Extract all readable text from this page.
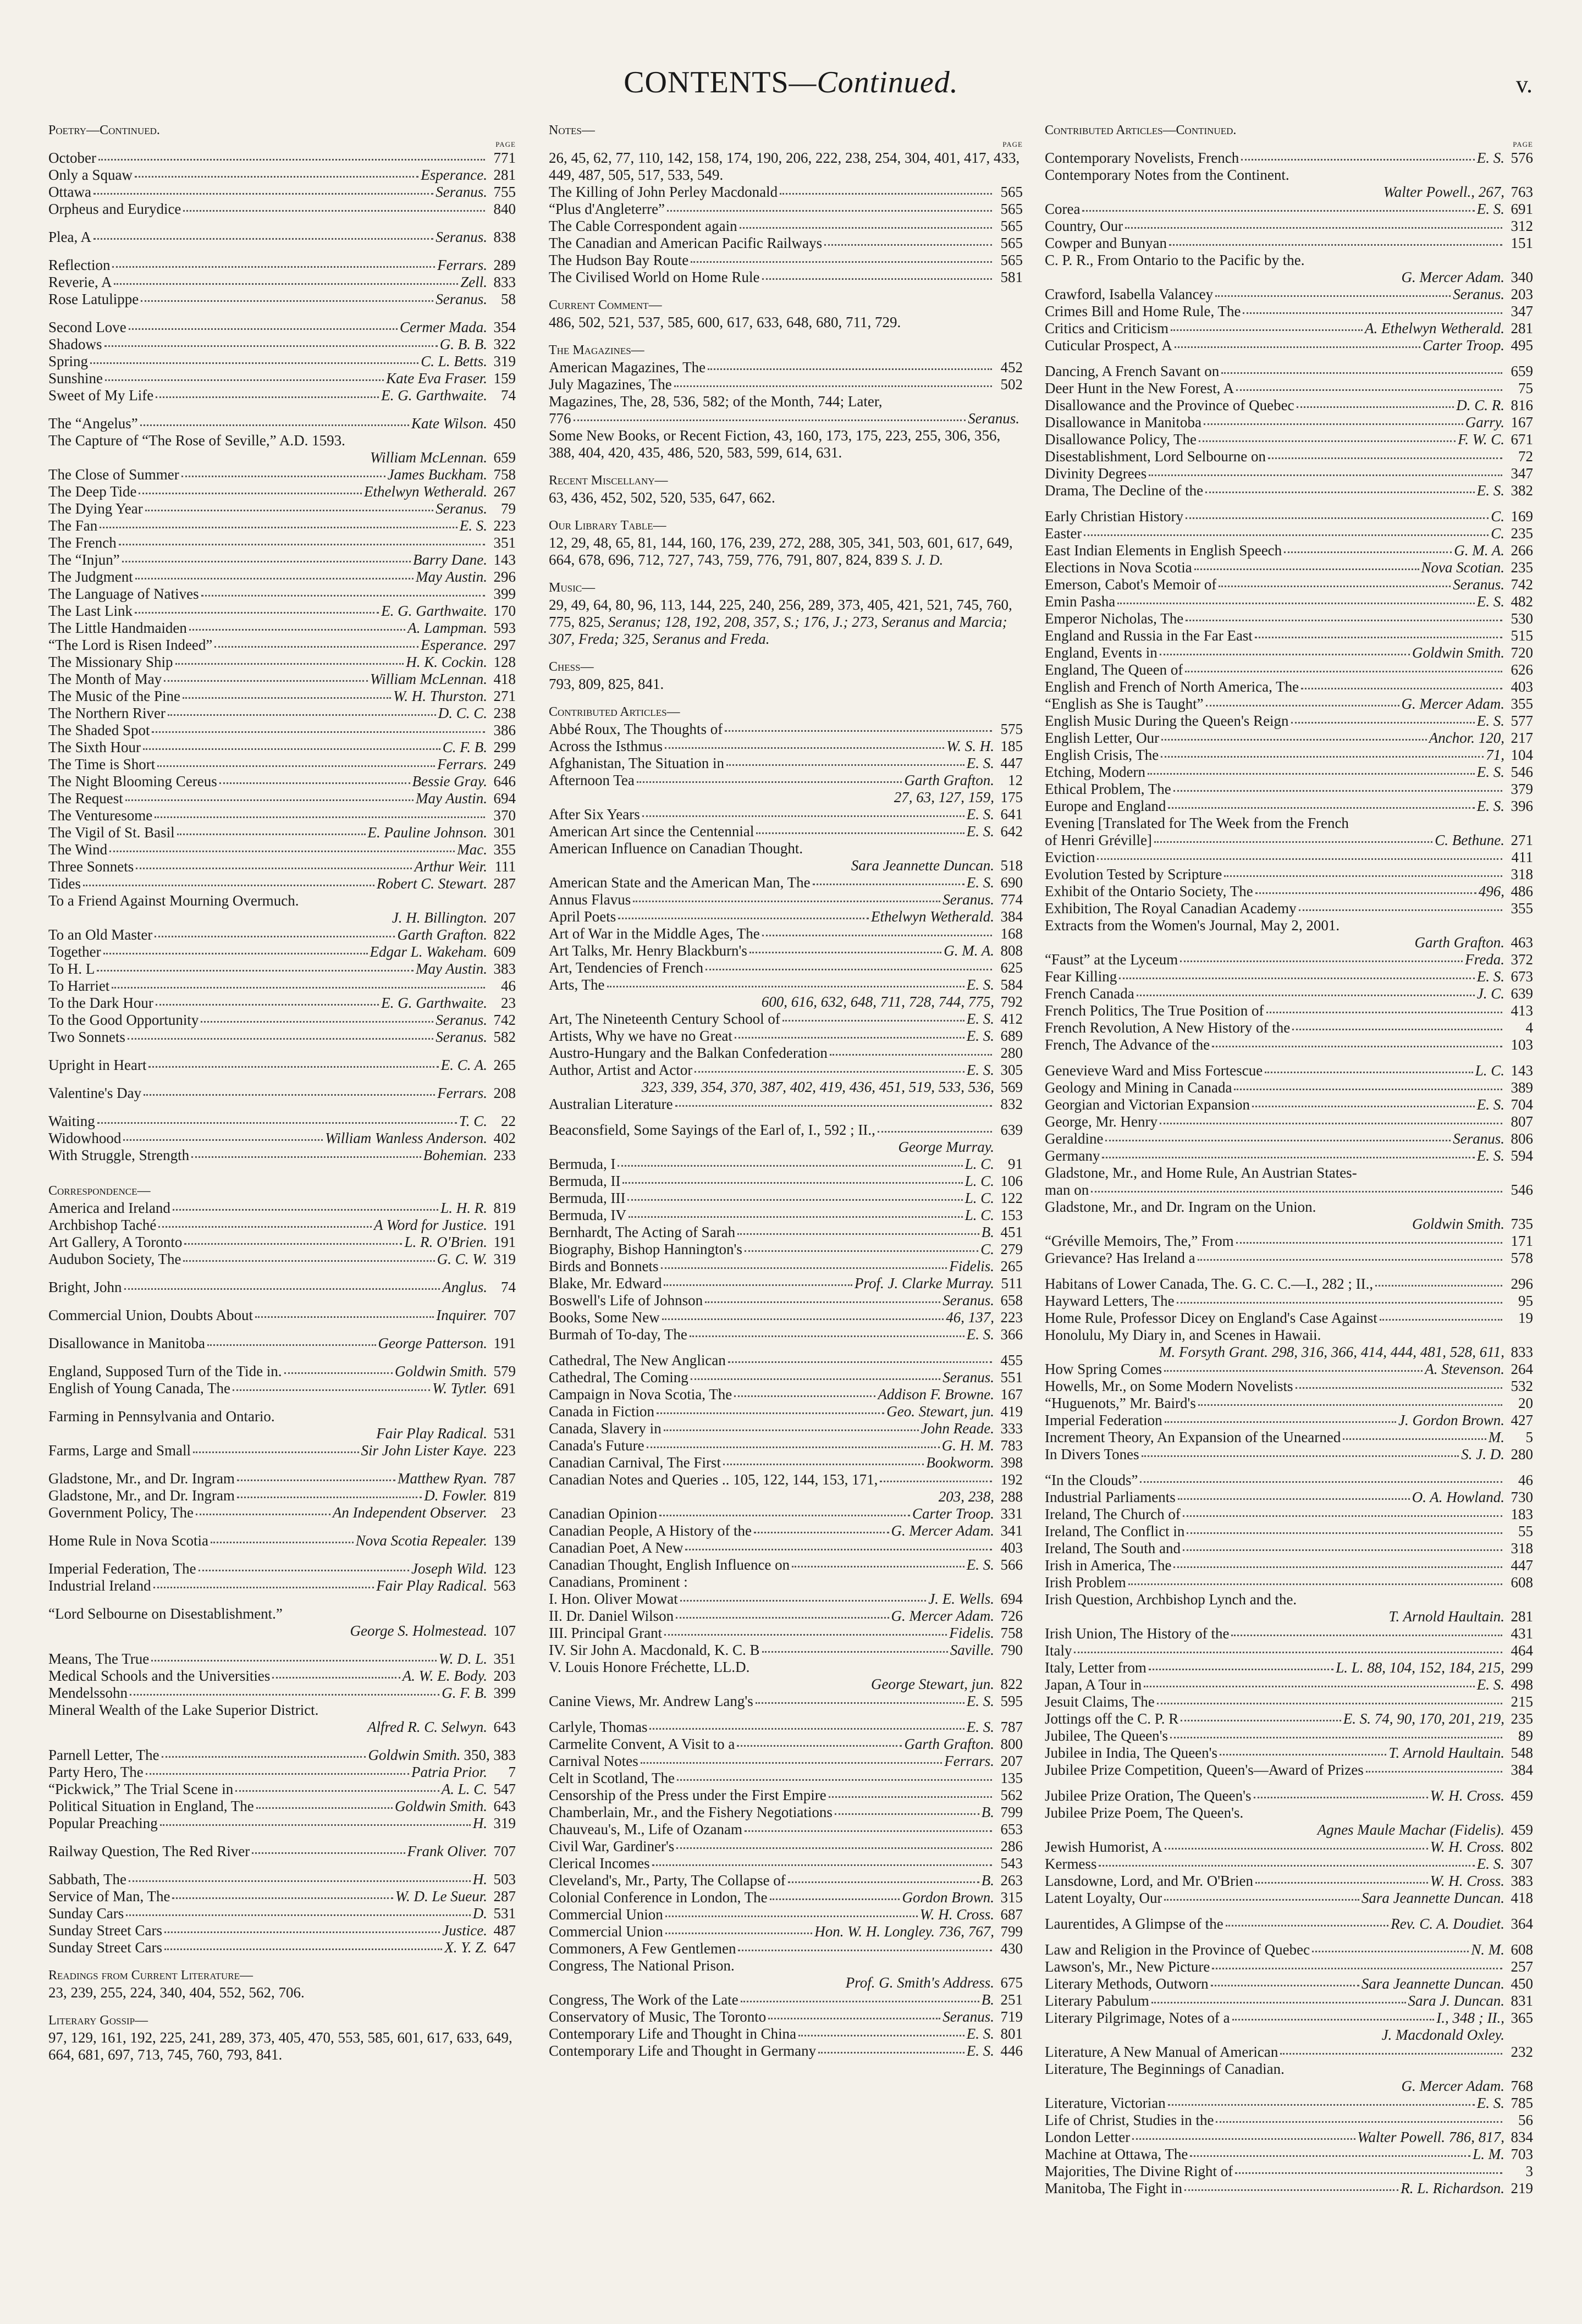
CONTENTS—Continued.	v.
Poetry—Continued.
page
October	771
Only a Squaw	Esperance. 281
Ottawa	Seranus. 755
Orpheus and Eurydice	840
Plea, A	Seranus. 838
Reflection	Ferrars. 289
Reverie, A	Zell. 833
Rose Latulippe	Seranus. 58
Second Love	Cermer Mada. 354
Shadows	G. B. B. 322
Spring	C. L. Betts. 319
Sunshine	Kate Eva Fraser. 159
Sweet of My Life	E. G. Garthwaite. 74
The “Angelus”	Kate Wilson. 450
The Capture of “The Rose of Seville,” A.D. 1593.
William McLennan. 659
The Close of Summer	James Buckham. 758
The Deep Tide	Ethelwyn Wetherald. 267
The Dying Year	Seranus. 79
The Fan	E. S. 223
The French	351
The “Injun”	Barry Dane. 143
The Judgment	May Austin. 296
The Language of Natives	399
The Last Link	E. G. Garthwaite. 170
The Little Handmaiden	A. Lampman. 593
“The Lord is Risen Indeed”	Esperance. 297
The Missionary Ship	H. K. Cockin. 128
The Month of May	William McLennan. 418
The Music of the Pine	W. H. Thurston. 271
The Northern River	D. C. C. 238
The Shaded Spot	386
The Sixth Hour	C. F. B. 299
The Time is Short	Ferrars. 249
The Night Blooming Cereus	Bessie Gray. 646
The Request	May Austin. 694
The Venturesome	370
The Vigil of St. Basil	E. Pauline Johnson. 301
The Wind	Mac. 355
Three Sonnets	Arthur Weir. 111
Tides	Robert C. Stewart. 287
To a Friend Against Mourning Overmuch.
J. H. Billington. 207
To an Old Master	Garth Grafton. 822
Together	Edgar L. Wakeham. 609
To H. L	May Austin. 383
To Harriet	46
To the Dark Hour	E. G. Garthwaite. 23
To the Good Opportunity	Seranus. 742
Two Sonnets	Seranus. 582
Upright in Heart	E. C. A. 265
Valentine's Day	Ferrars. 208
Waiting	T. C. 22
Widowhood	William Wanless Anderson. 402
With Struggle, Strength	Bohemian. 233
Correspondence—
America and Ireland	L. H. R. 819
Archbishop Taché	A Word for Justice. 191
Art Gallery, A Toronto	L. R. O'Brien. 191
Audubon Society, The	G. C. W. 319
Bright, John	Anglus. 74
Commercial Union, Doubts About	Inquirer. 707
Disallowance in Manitoba	George Patterson. 191
England, Supposed Turn of the Tide in.	Goldwin Smith. 579
English of Young Canada, The	W. Tytler. 691
Farming in Pennsylvania and Ontario.
Fair Play Radical. 531
Farms, Large and Small	Sir John Lister Kaye. 223
Gladstone, Mr., and Dr. Ingram	Matthew Ryan. 787
Gladstone, Mr., and Dr. Ingram	D. Fowler. 819
Government Policy, The	An Independent Observer. 23
Home Rule in Nova Scotia	Nova Scotia Repealer. 139
Imperial Federation, The	Joseph Wild. 123
Industrial Ireland	Fair Play Radical. 563
“Lord Selbourne on Disestablishment.”
George S. Holmestead. 107
Means, The True	W. D. L. 351
Medical Schools and the Universities	A. W. E. Body. 203
Mendelssohn	G. F. B. 399
Mineral Wealth of the Lake Superior District.
Alfred R. C. Selwyn. 643
Parnell Letter, The	Goldwin Smith. 350, 383
Party Hero, The	Patria Prior.	7
“Pickwick,” The Trial Scene in	A. L. C. 547
Political Situation in England, The	Goldwin Smith. 643
Popular Preaching	H. 319
Railway Question, The Red River	Frank Oliver. 707
Sabbath, The	H. 503
Service of Man, The	W. D. Le Sueur. 287
Sunday Cars	D. 531
Sunday Street Cars	Justice. 487
Sunday Street Cars	X. Y. Z. 647
Readings from Current Literature—
23, 239, 255, 224, 340, 404, 552, 562, 706.
Literary Gossip—
97, 129, 161, 192, 225, 241, 289, 373, 405, 470, 553, 585, 601, 617, 633, 649, 664, 681, 697, 713, 745, 760, 793, 841.
Notes—
page
26, 45, 62, 77, 110, 142, 158, 174, 190, 206, 222, 238, 254, 304, 401, 417, 433, 449, 487, 505, 517, 533, 549.
The Killing of John Perley Macdonald	565
“Plus d'Angleterre”	565
The Cable Correspondent again	565
The Canadian and American Pacific Railways	565
The Hudson Bay Route	565
The Civilised World on Home Rule	581
Current Comment—
486, 502, 521, 537, 585, 600, 617, 633, 648, 680, 711, 729.
The Magazines—
American Magazines, The	452
July Magazines, The	502
Magazines, The, 28, 536, 582; of the Month, 744; Later,
776	Seranus.
Some New Books, or Recent Fiction, 43, 160, 173, 175, 223, 255, 306, 356, 388, 404, 420, 435, 486, 520, 583, 599, 614, 631.
Recent Miscellany—
63, 436, 452, 502, 520, 535, 647, 662.
Our Library Table—
12, 29, 48, 65, 81, 144, 160, 176, 239, 272, 288, 305, 341, 503, 601, 617, 649, 664, 678, 696, 712, 727, 743, 759, 776, 791, 807, 824, 839 S. J. D.
Music—
29, 49, 64, 80, 96, 113, 144, 225, 240, 256, 289, 373, 405, 421, 521, 745, 760, 775, 825, Seranus; 128, 192, 208, 357, S.; 176, J.; 273, Seranus and Marcia; 307, Freda; 325, Seranus and Freda.
Chess—
793, 809, 825, 841.
Contributed Articles—
Abbé Roux, The Thoughts of	575
Across the Isthmus	W. S. H. 185
Afghanistan, The Situation in	E. S. 447
Afternoon Tea	Garth Grafton. 12
27, 63, 127, 159, 175
After Six Years	E. S. 641
American Art since the Centennial	E. S. 642
American Influence on Canadian Thought.
Sara Jeannette Duncan. 518
American State and the American Man, The	E. S. 690
Annus Flavus	Seranus. 774
April Poets	Ethelwyn Wetherald. 384
Art of War in the Middle Ages, The	168
Art Talks, Mr. Henry Blackburn's	G. M. A. 808
Art, Tendencies of French	625
Arts, The	E. S. 584
600, 616, 632, 648, 711, 728, 744, 775, 792
Art, The Nineteenth Century School of	E. S. 412
Artists, Why we have no Great	E. S. 689
Austro-Hungary and the Balkan Confederation	280
Author, Artist and Actor	E. S. 305
323, 339, 354, 370, 387, 402, 419, 436, 451, 519, 533, 536, 569
Australian Literature	832
Beaconsfield, Some Sayings of the Earl of, I., 592 ; II.,	639
George Murray.
Bermuda, I	L. C. 91
Bermuda, II	L. C. 106
Bermuda, III	L. C. 122
Bermuda, IV	L. C. 153
Bernhardt, The Acting of Sarah	B. 451
Biography, Bishop Hannington's	C. 279
Birds and Bonnets	Fidelis. 265
Blake, Mr. Edward	Prof. J. Clarke Murray. 511
Boswell's Life of Johnson	Seranus. 658
Books, Some New	46, 137, 223
Burmah of To-day, The	E. S. 366
Cathedral, The New Anglican	455
Cathedral, The Coming	Seranus. 551
Campaign in Nova Scotia, The	Addison F. Browne. 167
Canada in Fiction	Geo. Stewart, jun. 419
Canada, Slavery in	John Reade. 333
Canada's Future	G. H. M. 783
Canadian Carnival, The First	Bookworm. 398
Canadian Notes and Queries .. 105, 122, 144, 153, 171,	192
203, 238, 288
Canadian Opinion	Carter Troop. 331
Canadian People, A History of the	G. Mercer Adam. 341
Canadian Poet, A New	403
Canadian Thought, English Influence on	E. S. 566
Canadians, Prominent :
I. Hon. Oliver Mowat	J. E. Wells. 694
II. Dr. Daniel Wilson	G. Mercer Adam. 726
III. Principal Grant	Fidelis. 758
IV. Sir John A. Macdonald, K. C. B	Saville. 790
V. Louis Honore Fréchette, LL.D.
George Stewart, jun. 822
Canine Views, Mr. Andrew Lang's	E. S. 595
Carlyle, Thomas	E. S. 787
Carmelite Convent, A Visit to a	Garth Grafton. 800
Carnival Notes	Ferrars. 207
Celt in Scotland, The	135
Censorship of the Press under the First Empire	562
Chamberlain, Mr., and the Fishery Negotiations	B. 799
Chauveau's, M., Life of Ozanam	653
Civil War, Gardiner's	286
Clerical Incomes	543
Cleveland's, Mr., Party, The Collapse of	B. 263
Colonial Conference in London, The	Gordon Brown. 315
Commercial Union	W. H. Cross. 687
Commercial Union	Hon. W. H. Longley. 736, 767, 799
Commoners, A Few Gentlemen	430
Congress, The National Prison.
Prof. G. Smith's Address. 675
Congress, The Work of the Late	B. 251
Conservatory of Music, The Toronto	Seranus. 719
Contemporary Life and Thought in China	E. S. 801
Contemporary Life and Thought in Germany	E. S. 446
Contributed Articles—Continued.
page
Contemporary Novelists, French	E. S. 576
Contemporary Notes from the Continent.
Walter Powell., 267, 763
Corea	E. S. 691
Country, Our	312
Cowper and Bunyan	151
C. P. R., From Ontario to the Pacific by the.
G. Mercer Adam. 340
Crawford, Isabella Valancey	Seranus. 203
Crimes Bill and Home Rule, The	347
Critics and Criticism	A. Ethelwyn Wetherald. 281
Cuticular Prospect, A	Carter Troop. 495
Dancing, A French Savant on	659
Deer Hunt in the New Forest, A	75
Disallowance and the Province of Quebec	D. C. R. 816
Disallowance in Manitoba	Garry. 167
Disallowance Policy, The	F. W. C. 671
Disestablishment, Lord Selbourne on	72
Divinity Degrees	347
Drama, The Decline of the	E. S. 382
Early Christian History	C. 169
Easter	C. 235
East Indian Elements in English Speech	G. M. A. 266
Elections in Nova Scotia	Nova Scotian. 235
Emerson, Cabot's Memoir of	Seranus. 742
Emin Pasha	E. S. 482
Emperor Nicholas, The	530
England and Russia in the Far East	515
England, Events in	Goldwin Smith. 720
England, The Queen of	626
English and French of North America, The	403
“English as She is Taught”	G. Mercer Adam. 355
English Music During the Queen's Reign	E. S. 577
English Letter, Our	Anchor. 120, 217
English Crisis, The	71, 104
Etching, Modern	E. S. 546
Ethical Problem, The	379
Europe and England	E. S. 396
Evening [Translated for The Week from the French
of Henri Gréville]	C. Bethune. 271
Eviction	411
Evolution Tested by Scripture	318
Exhibit of the Ontario Society, The	496, 486
Exhibition, The Royal Canadian Academy	355
Extracts from the Women's Journal, May 2, 2001.
Garth Grafton. 463
“Faust” at the Lyceum	Freda. 372
Fear Killing	E. S. 673
French Canada	J. C. 639
French Politics, The True Position of	413
French Revolution, A New History of the	4
French, The Advance of the	103
Genevieve Ward and Miss Fortescue	L. C. 143
Geology and Mining in Canada	389
Georgian and Victorian Expansion	E. S. 704
George, Mr. Henry	807
Geraldine	Seranus. 806
Germany	E. S. 594
Gladstone, Mr., and Home Rule, An Austrian States-
man on	546
Gladstone, Mr., and Dr. Ingram on the Union.
Goldwin Smith. 735
“Gréville Memoirs, The,” From	171
Grievance? Has Ireland a	578
Habitans of Lower Canada, The. G. C. C.—I., 282 ; II.,	296
Hayward Letters, The	95
Home Rule, Professor Dicey on England's Case Against	19
Honolulu, My Diary in, and Scenes in Hawaii.
M. Forsyth Grant. 298, 316, 366, 414, 444, 481, 528, 611, 833
How Spring Comes	A. Stevenson. 264
Howells, Mr., on Some Modern Novelists	532
“Huguenots,” Mr. Baird's	20
Imperial Federation	J. Gordon Brown. 427
Increment Theory, An Expansion of the Unearned	M.	5
In Divers Tones	S. J. D. 280
“In the Clouds”	46
Industrial Parliaments	O. A. Howland. 730
Ireland, The Church of	183
Ireland, The Conflict in	55
Ireland, The South and	318
Irish in America, The	447
Irish Problem	608
Irish Question, Archbishop Lynch and the.
T. Arnold Haultain. 281
Irish Union, The History of the	431
Italy	464
Italy, Letter from	L. L. 88, 104, 152, 184, 215, 299
Japan, A Tour in	E. S. 498
Jesuit Claims, The	215
Jottings off the C. P. R	E. S. 74, 90, 170, 201, 219, 235
Jubilee, The Queen's	89
Jubilee in India, The Queen's	T. Arnold Haultain. 548
Jubilee Prize Competition, Queen's—Award of Prizes	384
Jubilee Prize Oration, The Queen's	W. H. Cross. 459
Jubilee Prize Poem, The Queen's.
Agnes Maule Machar (Fidelis). 459
Jewish Humorist, A	W. H. Cross. 802
Kermess	E. S. 307
Lansdowne, Lord, and Mr. O'Brien	W. H. Cross. 383
Latent Loyalty, Our	Sara Jeannette Duncan. 418
Laurentides, A Glimpse of the	Rev. C. A. Doudiet. 364
Law and Religion in the Province of Quebec	N. M. 608
Lawson's, Mr., New Picture	257
Literary Methods, Outworn	Sara Jeannette Duncan. 450
Literary Pabulum	Sara J. Duncan. 831
Literary Pilgrimage, Notes of a	I., 348 ; II., 365
J. Macdonald Oxley.
Literature, A New Manual of American	232
Literature, The Beginnings of Canadian.
G. Mercer Adam. 768
Literature, Victorian	E. S. 785
Life of Christ, Studies in the	56
London Letter	Walter Powell. 786, 817, 834
Machine at Ottawa, The	L. M. 703
Majorities, The Divine Right of	3
Manitoba, The Fight in	R. L. Richardson. 219
